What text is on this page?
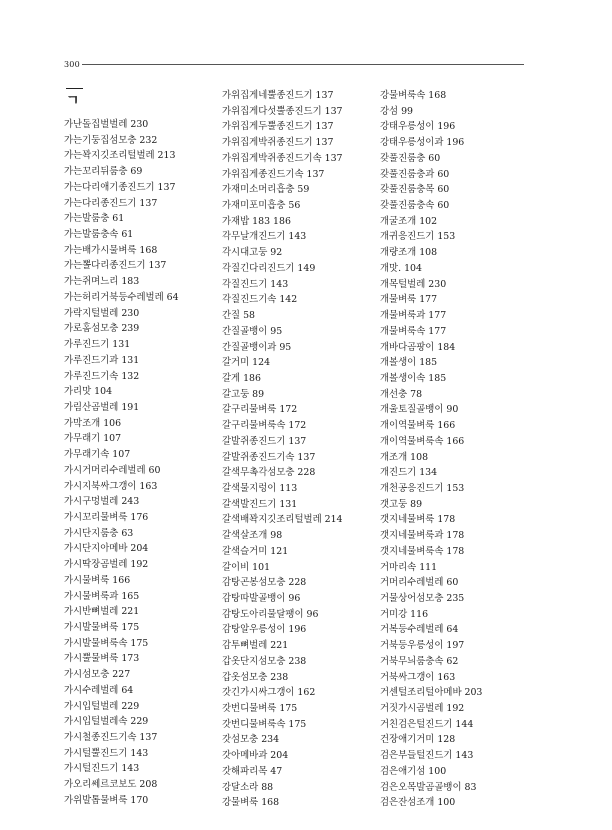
300
ㄱ
가난돌집벌벌레 230
가는기둥집섬모충 232
가는꽉지깃조리털벌레 213
가는꼬리뒤룸충 69
가는다리애기종진드기 137
가는다리종진드기 137
가는발룸충 61
가는발룸충속 61
가는배가시물벼룩 168
가는뽈다리종진드기 137
가는쥐며느리 183
가는허리거북등수레벌레 64
가락지털벌레 230
가로홈섬모충 239
가루진드기 131
가루진드기과 131
가루진드기속 132
가리맛 104
가림산곰벌레 191
가막조개 106
가무래기 107
가무래기속 107
가시거머리수레벌레 60
가시지북싸그갱이 163
가시구멍벌레 243
가시꼬리물벼룩 176
가시단지룸충 63
가시단지아메바 204
가시딱장곰벌레 192
가시물벼룩 166
가시물벼룩과 165
가시반뼈벌레 221
가시발물벼룩 175
가시발물벼룩속 175
가시뿔물벼룩 173
가시섬모충 227
가시수레벌레 64
가시입털벌레 229
가시입털벌레속 229
가시철종진드기속 137
가시털뿔진드기 143
가시털진드기 143
가오리쎄르코보도 208
가위발톱물벼룩 170
가위집게네뿔종진드기 137
가위집게다섯뿔종진드기 137
가위집게두뿔종진드기 137
가위집게박쥐종진드기 137
가위집게박쥐종진드기속 137
가위집게종진드기속 137
가재미소머리흡충 59
가재미포미흡충 56
가재밥 183 186
각무날개진드기 143
각시대고둥 92
각질긴다리진드기 149
각질진드기 143
각질진드기속 142
간질 58
간질골뱅이 95
간질골뱅이과 95
갈거미 124
갈게 186
갈고둥 89
갈구리물벼룩 172
갈구리물벼룩속 172
갈발쥐종진드기 137
갈발쥐종진드기속 137
갈색무촉각섬모충 228
갈색물지렁이 113
갈색발진드기 131
갈색배꽉지깃조리털벌레 214
갈색살조개 98
갈색슬거미 121
갈이비 101
감탕곤봉섬모충 228
감탕따발골뱅이 96
감탕도아리물달팽이 96
감탕알우릉성이 196
감투뼈벌레 221
갑옷단지섬모충 238
갑옷섬모충 238
갓긴가시싸그갱이 162
갓번디물벼룩 175
갓번디물벼룩속 175
갓섬모충 234
갓아메바과 204
갓해파리목 47
강달소라 88
강물벼룩 168
강물벼룩속 168
강섬 99
강태우릉성이 196
강태우릉성이과 196
갖풀진룸충 60
갖풀진룸충과 60
갖풀진룸충목 60
갖풀진룸충속 60
개굴조개 102
개귀응진드기 153
개량조개 108
개맛. 104
개목털벌레 230
개물벼룩 177
개물벼룩과 177
개물벼룩속 177
개바다곰팡이 184
개볼생이 185
개볼생이속 185
개선충 78
개울토질골뱅이 90
개이역물벼룩 166
개이역물벼룩속 166
개조개 108
개진드기 134
개천공응진드기 153
갯고둥 89
갯지네물벼룩 178
갯지네물벼룩과 178
갯지네물벼룩속 178
거마리속 111
거머리수레벌레 60
거물상어섬모충 235
거미강 116
거복등수레벌레 64
거북등우릉성이 197
거북무늬룸충속 62
거북싸그갱이 163
거센털조리털아메바 203
거짓가시곰벌레 192
거친검은털진드기 144
건장애기거미 128
검은부들털진드기 143
검은애기섬 100
검은오목발곰골뱅이 83
검은잔섬조개 100
